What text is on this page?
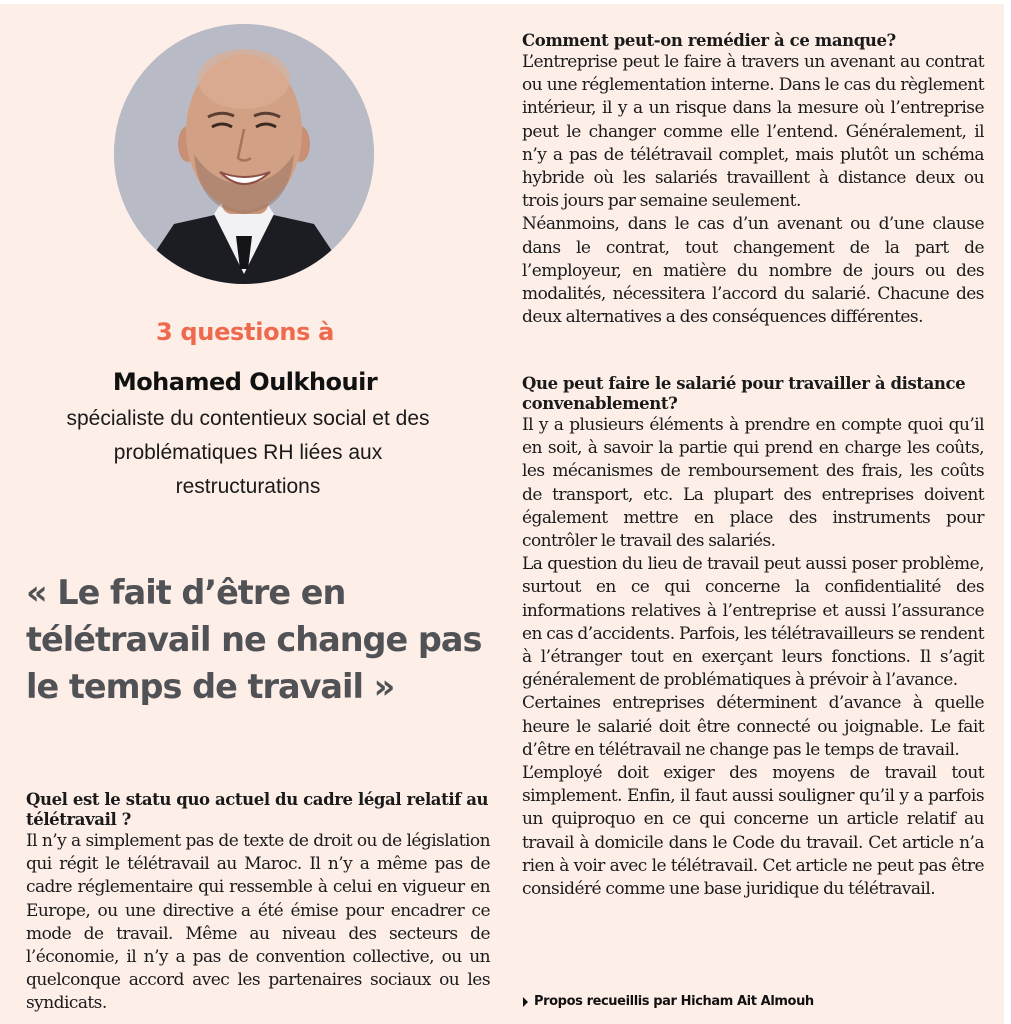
3 questions à
Mohamed Oulkhouir
spécialiste du contentieux social et des problématiques RH liées aux restructurations
« Le fait d’être en télétravail ne change pas le temps de travail »

Quel est le statu quo actuel du cadre légal relatif au télétravail ?

Il n’y a simplement pas de texte de droit ou de législation qui régit le télétravail au Maroc. Il n’y a même pas de cadre réglementaire qui ressemble à celui en vigueur en Europe, ou une directive a été émise pour encadrer ce mode de travail. Même au niveau des secteurs de l’économie, il n’y a pas de convention collective, ou un quelconque accord avec les partenaires sociaux ou les syndicats.

Comment peut-on remédier à ce manque?

L’entreprise peut le faire à travers un avenant au contrat ou une réglementation interne. Dans le cas du règlement intérieur, il y a un risque dans la mesure où l’entreprise peut le changer comme elle l’entend. Généralement, il n’y a pas de télétravail complet, mais plutôt un schéma hybride où les salariés travaillent à distance deux ou trois jours par semaine seulement.

Néanmoins, dans le cas d’un avenant ou d’une clause dans le contrat, tout changement de la part de l’employeur, en matière du nombre de jours ou des modalités, nécessitera l’accord du salarié. Chacune des deux alternatives a des conséquences différentes.

Que peut faire le salarié pour travailler à distance convenablement?

Il y a plusieurs éléments à prendre en compte quoi qu’il en soit, à savoir la partie qui prend en charge les coûts, les mécanismes de remboursement des frais, les coûts de transport, etc. La plupart des entreprises doivent également mettre en place des instruments pour contrôler le travail des salariés.

La question du lieu de travail peut aussi poser problème, surtout en ce qui concerne la confidentialité des informations relatives à l’entreprise et aussi l’assurance en cas d’accidents. Parfois, les télétravailleurs se rendent à l’étranger tout en exerçant leurs fonctions. Il s’agit généralement de problématiques à prévoir à l’avance.

Certaines entreprises déterminent d’avance à quelle heure le salarié doit être connecté ou joignable. Le fait d’être en télétravail ne change pas le temps de travail.

L’employé doit exiger des moyens de travail tout simplement. Enfin, il faut aussi souligner qu’il y a parfois un quiproquo en ce qui concerne un article relatif au travail à domicile dans le Code du travail. Cet article n’a rien à voir avec le télétravail. Cet article ne peut pas être considéré comme une base juridique du télétravail.

Propos recueillis par Hicham Ait Almouh
